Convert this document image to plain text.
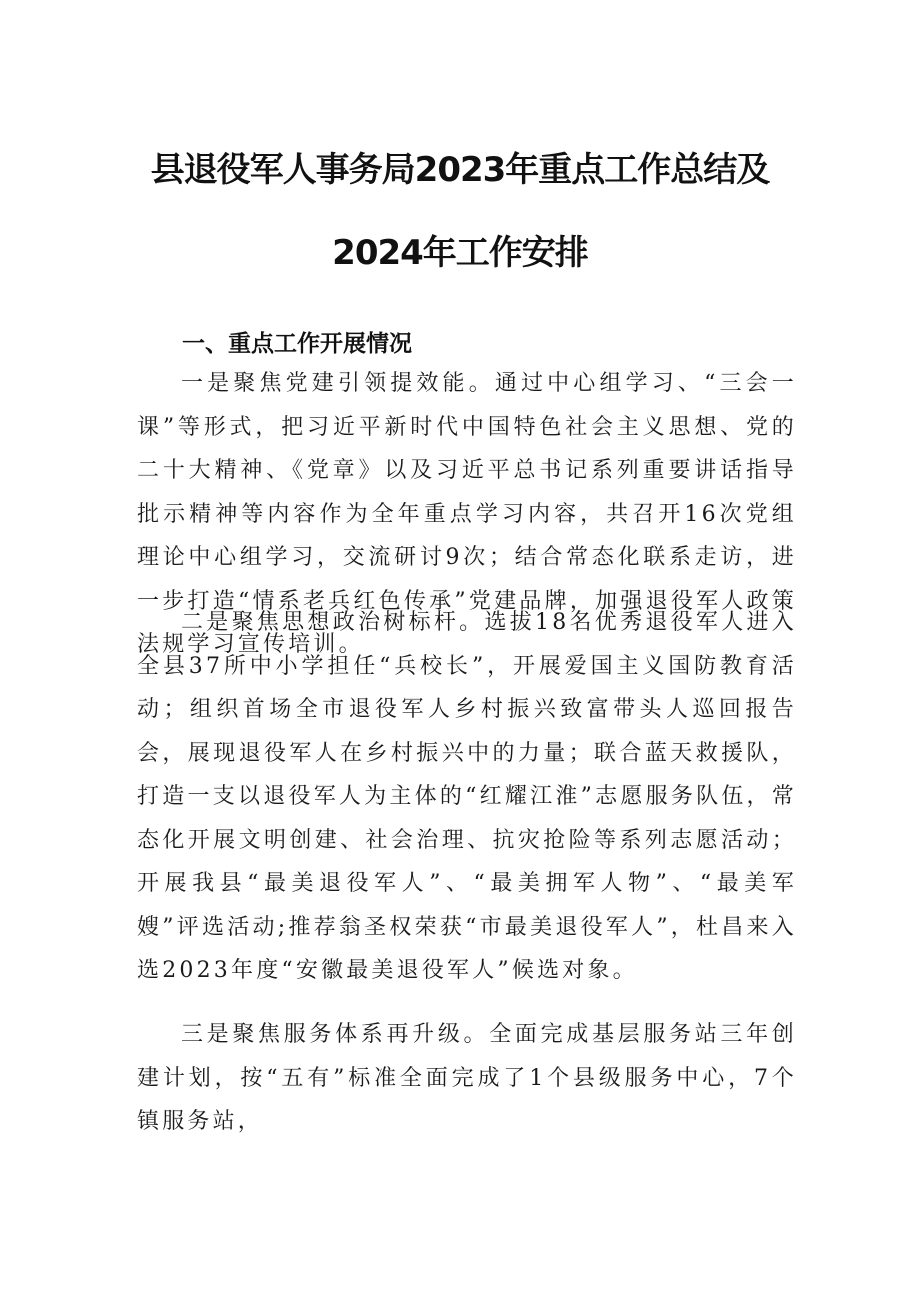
县退役军人事务局2023年重点工作总结及
2024年工作安排
一、重点工作开展情况

一是聚焦党建引领提效能。通过中心组学习、“三会一课”等形式，把习近平新时代中国特色社会主义思想、党的二十大精神、《党章》以及习近平总书记系列重要讲话指导批示精神等内容作为全年重点学习内容，共召开16次党组理论中心组学习，交流研讨9次；结合常态化联系走访，进一步打造“情系老兵红色传承”党建品牌，加强退役军人政策法规学习宣传培训。

二是聚焦思想政治树标杆。选拔18名优秀退役军人进入全县37所中小学担任“兵校长”，开展爱国主义国防教育活动；组织首场全市退役军人乡村振兴致富带头人巡回报告会，展现退役军人在乡村振兴中的力量；联合蓝天救援队，打造一支以退役军人为主体的“红耀江淮”志愿服务队伍，常态化开展文明创建、社会治理、抗灾抢险等系列志愿活动；开展我县“最美退役军人”、“最美拥军人物”、“最美军嫂”评选活动;推荐翁圣权荣获“市最美退役军人”，杜昌来入选2023年度“安徽最美退役军人”候选对象。

三是聚焦服务体系再升级。全面完成基层服务站三年创建计划，按“五有”标准全面完成了1个县级服务中心，7个镇服务站，
